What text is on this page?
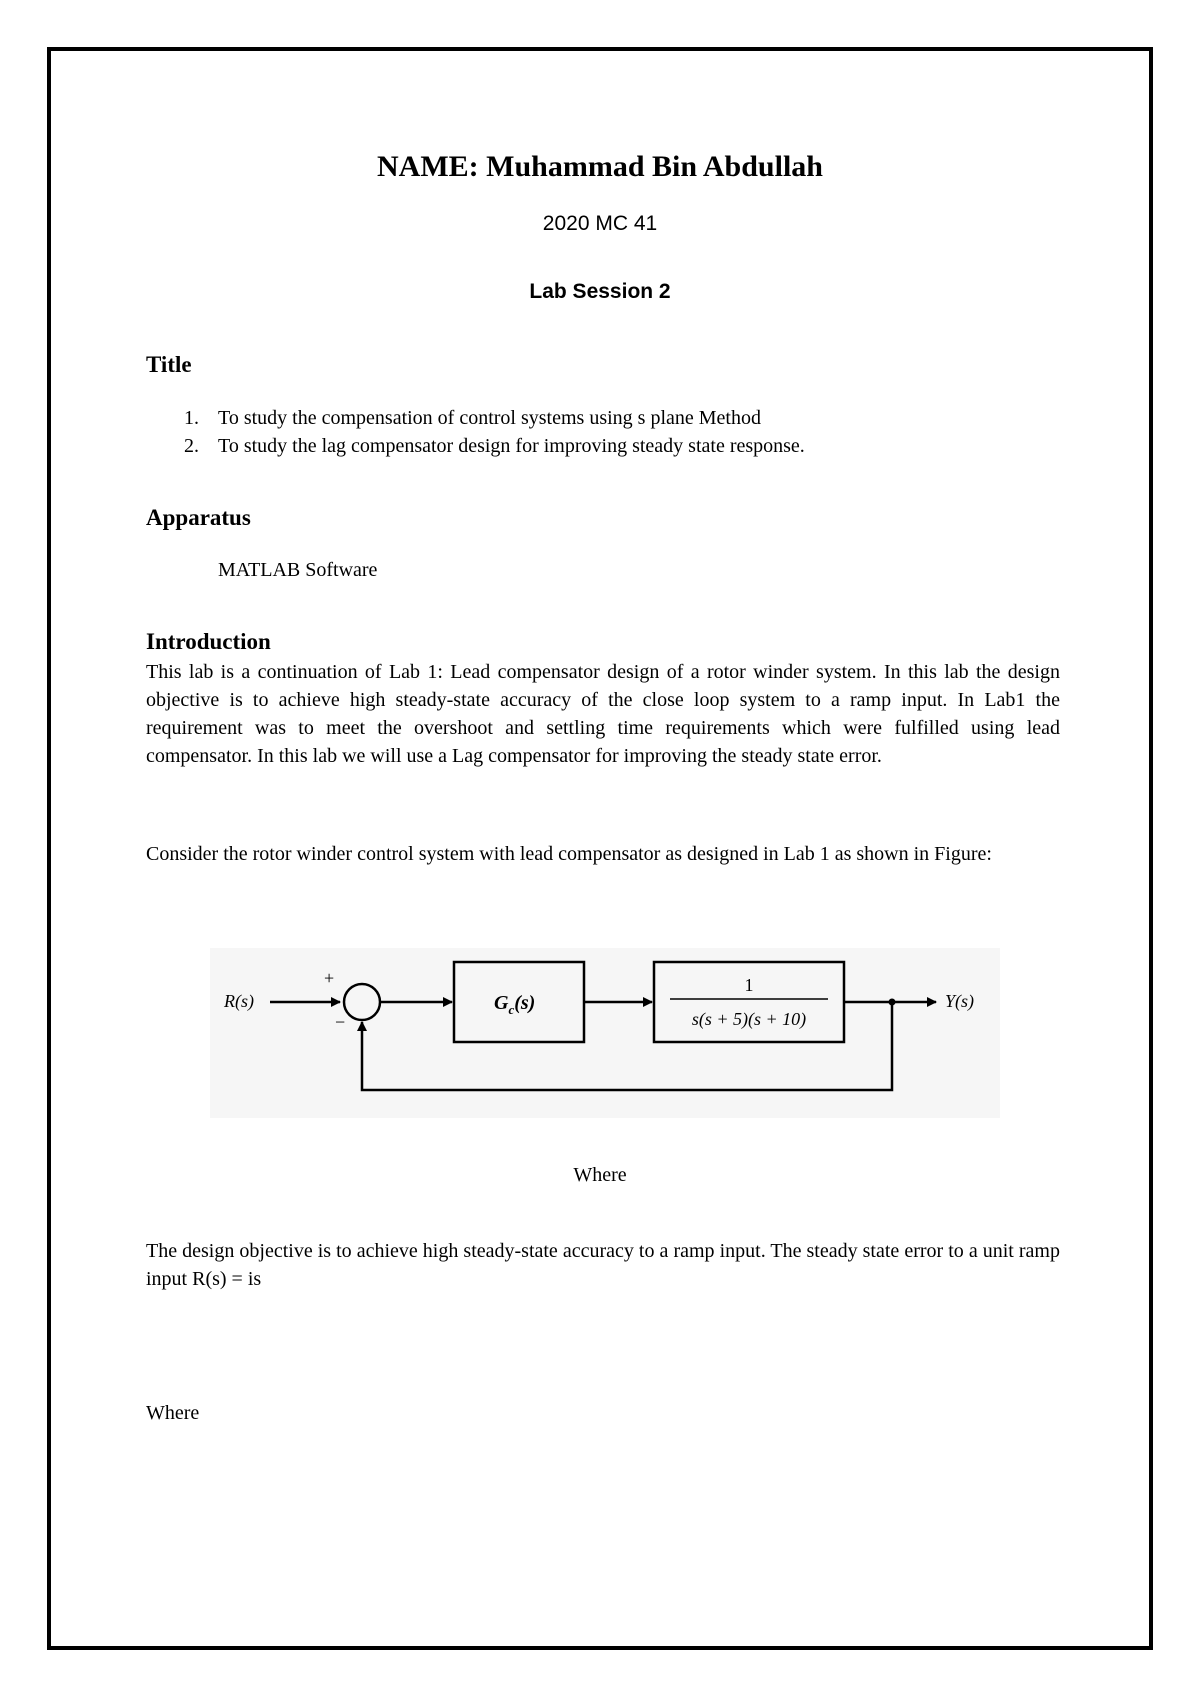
NAME: Muhammad Bin Abdullah
2020 MC 41
Lab Session 2
Title
1. To study the compensation of control systems using s plane Method
2. To study the lag compensator design for improving steady state response.
Apparatus
MATLAB Software
Introduction
This lab is a continuation of Lab 1: Lead compensator design of a rotor winder system. In this lab the design objective is to achieve high steady-state accuracy of the close loop system to a ramp input. In Lab1 the requirement was to meet the overshoot and settling time requirements which were fulfilled using lead compensator. In this lab we will use a Lag compensator for improving the steady state error.
Consider the rotor winder control system with lead compensator as designed in Lab 1 as shown in Figure:
R(s)
+
−
$G_c(s)$
1
s(s + 5)(s + 10)
Y(s)
Where
The design objective is to achieve high steady-state accuracy to a ramp input. The steady state error to a unit ramp input R(s) = is
Where
